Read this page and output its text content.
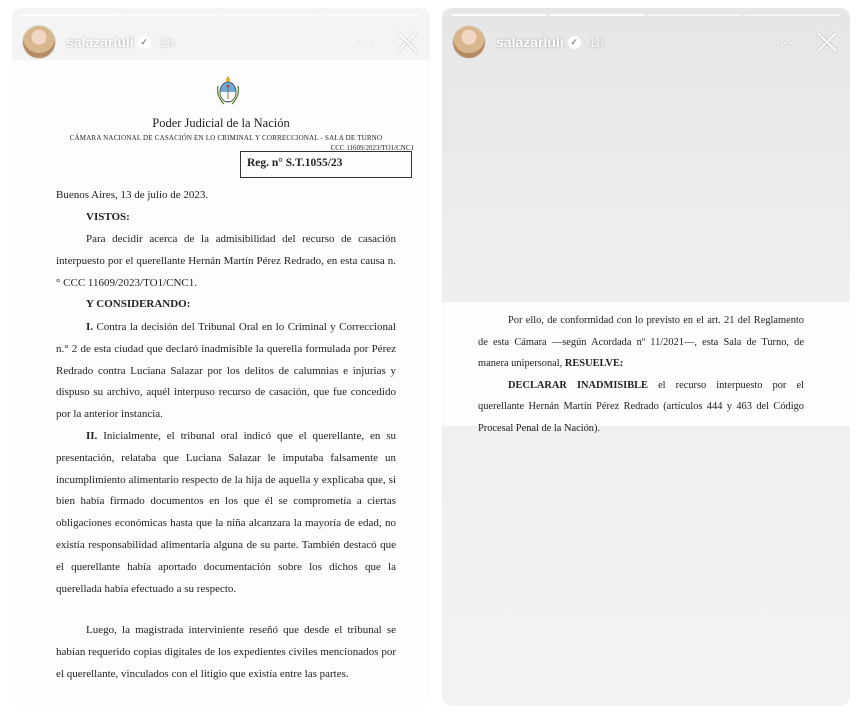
Poder Judicial de la Nación
CÁMARA NACIONAL DE CASACIÓN EN LO CRIMINAL Y CORRECCIONAL - SALA DE TURNO
CCC 11609/2023/TO1/CNC1
Reg. n° S.T.1055/23
Buenos Aires, 13 de julio de 2023.
VISTOS:
Para decidir acerca de la admisibilidad del recurso de casación interpuesto por el querellante Hernán Martín Pérez Redrado, en esta causa n.° CCC 11609/2023/TO1/CNC1.
Y CONSIDERANDO:
I. Contra la decisión del Tribunal Oral en lo Criminal y Correccional n.° 2 de esta ciudad que declaró inadmisible la querella formulada por Pérez Redrado contra Luciana Salazar por los delitos de calumnias e injurias y dispuso su archivo, aquél interpuso recurso de casación, que fue concedido por la anterior instancia.
II. Inicialmente, el tribunal oral indicó que el querellante, en su presentación, relataba que Luciana Salazar le imputaba falsamente un incumplimiento alimentario respecto de la hija de aquella y explicaba que, si bien había firmado documentos en los que él se comprometía a ciertas obligaciones económicas hasta que la niña alcanzara la mayoría de edad, no existía responsabilidad alimentaria alguna de su parte. También destacó que el querellante había aportado documentación sobre los dichos que la querellada había efectuado a su respecto.
Luego, la magistrada interviniente reseñó que desde el tribunal se habían requerido copias digitales de los expedientes civiles mencionados por el querellante, vinculados con el litigio que existía entre las partes.
salazarluli ✓ 1h	···	salazarluli ✓ 1h	···
Por ello, de conformidad con lo previsto en el art. 21 del Reglamento de esta Cámara —según Acordada nº 11/2021—, esta Sala de Turno, de manera unipersonal, RESUELVE:
DECLARAR INADMISIBLE el recurso interpuesto por el querellante Hernán Martín Pérez Redrado (artículos 444 y 463 del Código Procesal Penal de la Nación).
